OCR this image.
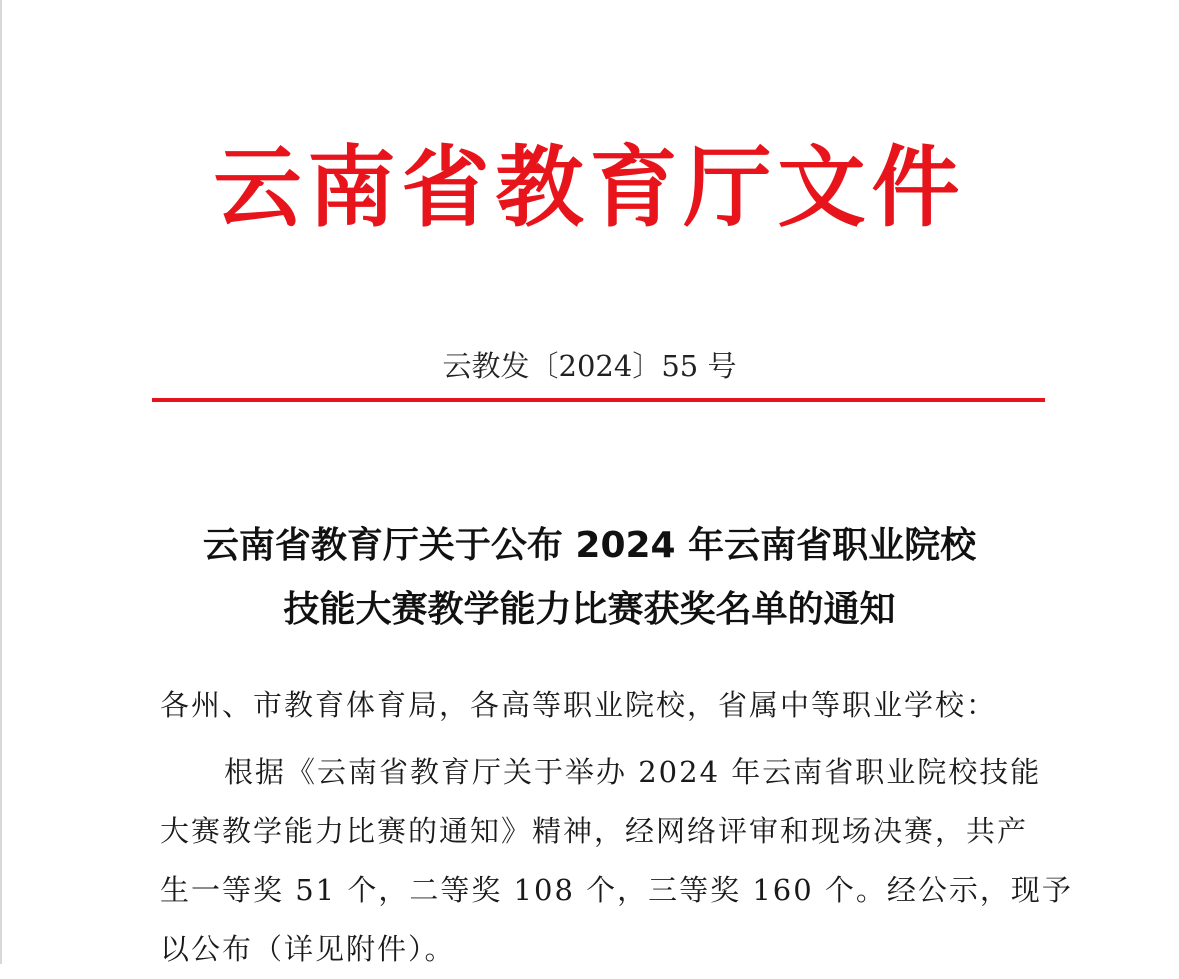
云南省教育厅文件
云教发〔2024〕55 号
云南省教育厅关于公布 2024 年云南省职业院校
技能大赛教学能力比赛获奖名单的通知
各州、市教育体育局，各高等职业院校，省属中等职业学校：
根据《云南省教育厅关于举办 2024 年云南省职业院校技能
大赛教学能力比赛的通知》精神，经网络评审和现场决赛，共产
生一等奖 51 个，二等奖 108 个，三等奖 160 个。经公示，现予
以公布（详见附件）。
